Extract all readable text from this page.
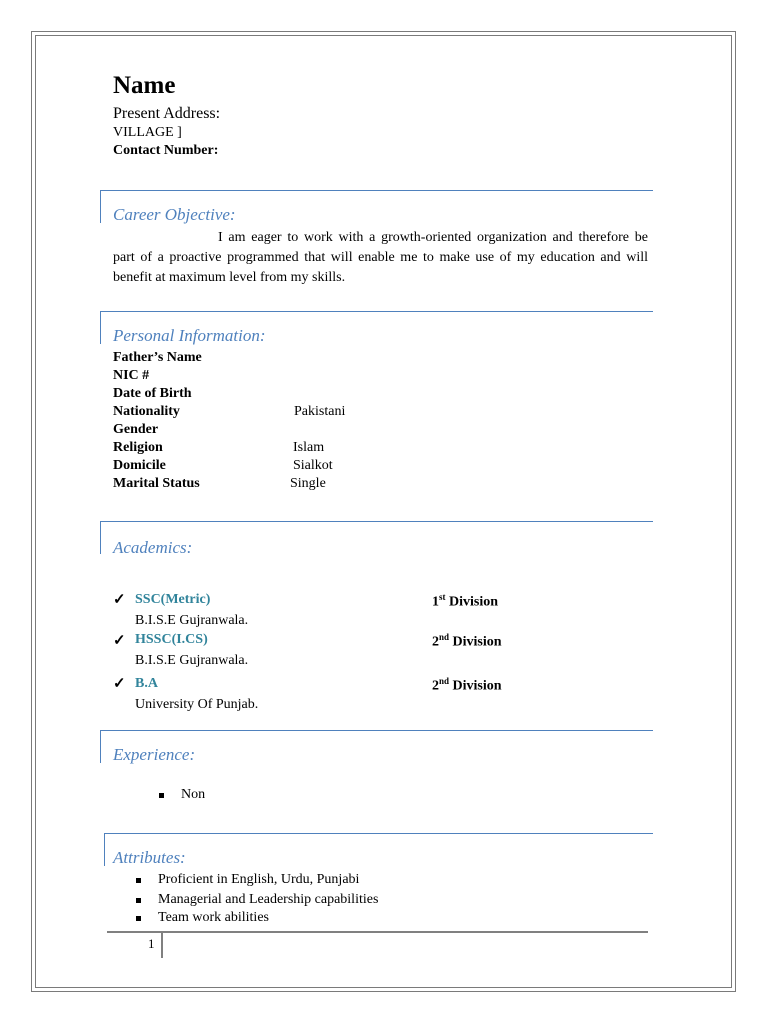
Name
Present Address:
VILLAGE ]
Contact Number:
Career Objective:
I am eager to work with a growth-oriented organization and therefore be part of a proactive programmed that will enable me to make use of my education and will benefit at maximum level from my skills.
Personal Information:
Father’s Name
NIC #
Date of Birth
Nationality	Pakistani
Gender
Religion	Islam
Domicile	Sialkot
Marital Status	Single
Academics:
✓ SSC(Metric)	1st Division
B.I.S.E Gujranwala.
✓ HSSC(I.CS)	2nd Division
B.I.S.E Gujranwala.
✓ B.A	2nd Division
University Of Punjab.
Experience:
Non
Attributes:
Proficient in English, Urdu, Punjabi
Managerial and Leadership capabilities
Team work abilities
1
